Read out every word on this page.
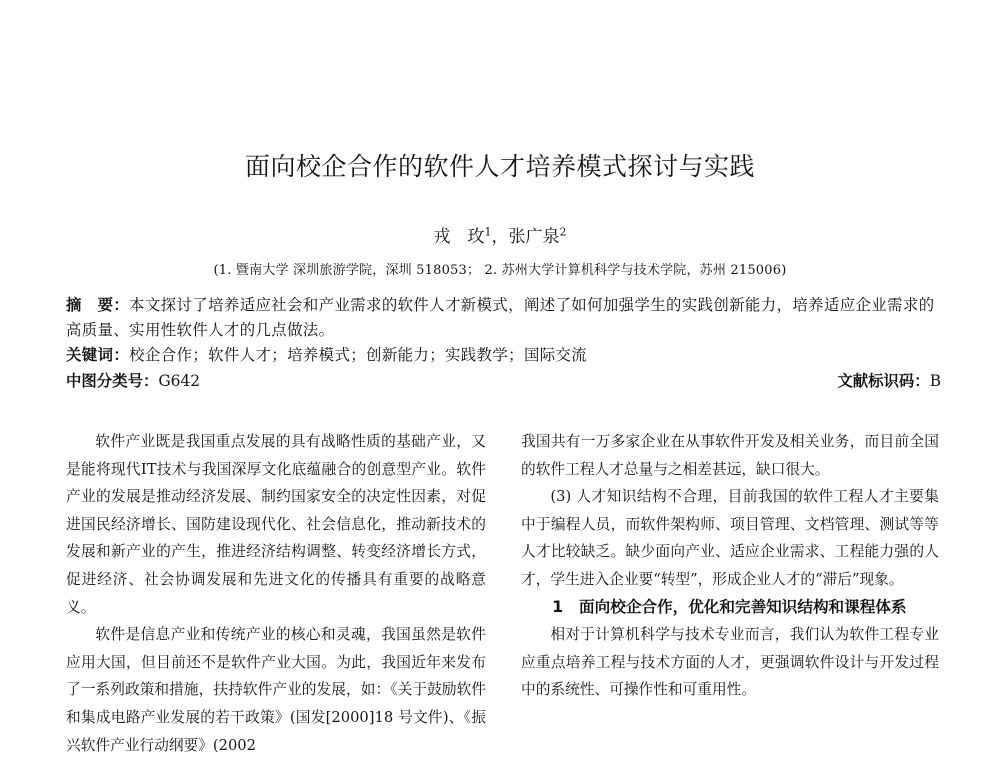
面向校企合作的软件人才培养模式探讨与实践
戎　玫$^1$，张广泉$^2$
(1. 暨南大学 深圳旅游学院，深圳 518053； 2. 苏州大学计算机科学与技术学院，苏州 215006)
摘　要：本文探讨了培养适应社会和产业需求的软件人才新模式，阐述了如何加强学生的实践创新能力，培养适应企业需求的高质量、实用性软件人才的几点做法。
关键词：校企合作；软件人才；培养模式；创新能力；实践教学；国际交流
中图分类号：G642	文献标识码：B

软件产业既是我国重点发展的具有战略性质的基础产业，又是能将现代IT技术与我国深厚文化底蕴融合的创意型产业。软件产业的发展是推动经济发展、制约国家安全的决定性因素，对促进国民经济增长、国防建设现代化、社会信息化，推动新技术的发展和新产业的产生，推进经济结构调整、转变经济增长方式，促进经济、社会协调发展和先进文化的传播具有重要的战略意义。

软件是信息产业和传统产业的核心和灵魂，我国虽然是软件应用大国，但目前还不是软件产业大国。为此，我国近年来发布了一系列政策和措施，扶持软件产业的发展，如：《关于鼓励软件和集成电路产业发展的若干政策》(国发[2000]18 号文件)、《振兴软件产业行动纲要》(2002

我国共有一万多家企业在从事软件开发及相关业务，而目前全国的软件工程人才总量与之相差甚远，缺口很大。

(3) 人才知识结构不合理，目前我国的软件工程人才主要集中于编程人员，而软件架构师、项目管理、文档管理、测试等等人才比较缺乏。缺少面向产业、适应企业需求、工程能力强的人才，学生进入企业要“转型”，形成企业人才的“滞后”现象。

1 面向校企合作，优化和完善知识结构和课程体系

相对于计算机科学与技术专业而言，我们认为软件工程专业应重点培养工程与技术方面的人才，更强调软件设计与开发过程中的系统性、可操作性和可重用性。
